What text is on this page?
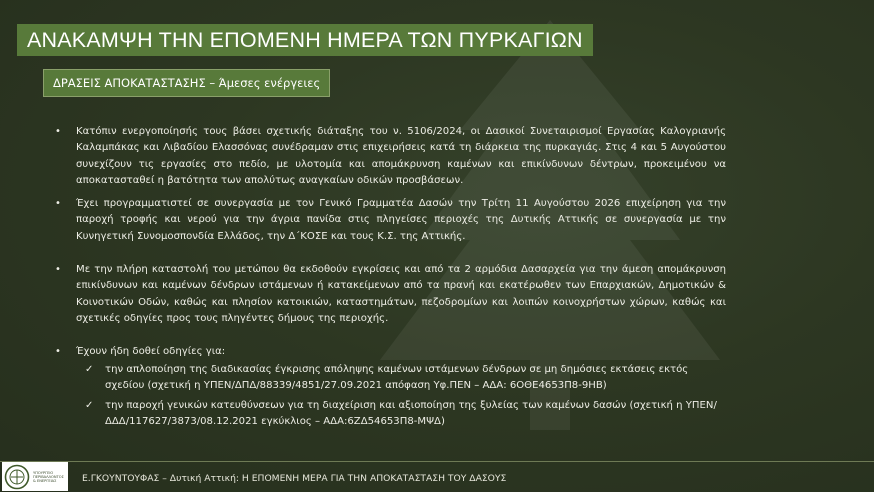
ΑΝΑΚΑΜΨΗ ΤΗΝ ΕΠΟΜΕΝΗ ΗΜΕΡΑ ΤΩΝ ΠΥΡΚΑΓΙΩΝ
ΔΡΑΣΕΙΣ ΑΠΟΚΑΤΑΣΤΑΣΗΣ – Άμεσες ενέργειες
• Κατόπιν ενεργοποίησής τους βάσει σχετικής διάταξης του ν. 5106/2024, οι Δασικοί Συνεταιρισμοί Εργασίας Καλογριανής Καλαμπάκας και Λιβαδίου Ελασσόνας συνέδραμαν στις επιχειρήσεις κατά τη διάρκεια της πυρκαγιάς. Στις 4 και 5 Αυγούστου συνεχίζουν τις εργασίες στο πεδίο, με υλοτομία και απομάκρυνση καμένων και επικίνδυνων δέντρων, προκειμένου να αποκατασταθεί η βατότητα των απολύτως αναγκαίων οδικών προσβάσεων.
• Έχει προγραμματιστεί σε συνεργασία με τον Γενικό Γραμματέα Δασών την Τρίτη 11 Αυγούστου 2026 επιχείρηση για την παροχή τροφής και νερού για την άγρια πανίδα στις πληγείσες περιοχές της Δυτικής Αττικής σε συνεργασία με την Κυνηγετική Συνομοσπονδία Ελλάδος, την Δ΄ΚΟΣΕ και τους Κ.Σ. της Αττικής.
• Με την πλήρη καταστολή του μετώπου θα εκδοθούν εγκρίσεις και από τα 2 αρμόδια Δασαρχεία για την άμεση απομάκρυνση επικίνδυνων και καμένων δένδρων ιστάμενων ή κατακείμενων από τα πρανή και εκατέρωθεν των Επαρχιακών, Δημοτικών & Κοινοτικών Οδών, καθώς και πλησίον κατοικιών, καταστημάτων, πεζοδρομίων και λοιπών κοινοχρήστων χώρων, καθώς και σχετικές οδηγίες προς τους πληγέντες δήμους της περιοχής.
• Έχουν ήδη δοθεί οδηγίες για:
✓ την απλοποίηση της διαδικασίας έγκρισης απόληψης καμένων ιστάμενων δένδρων σε μη δημόσιες εκτάσεις εκτός σχεδίου (σχετική η ΥΠΕΝ/ΔΠΔ/88339/4851/27.09.2021 απόφαση Υφ.ΠΕΝ – ΑΔΑ: 6ΟΘΕ4653Π8-9ΗΒ)
✓ την παροχή γενικών κατευθύνσεων για τη διαχείριση και αξιοποίηση της ξυλείας των καμένων δασών (σχετική η ΥΠΕΝ/ΔΔΔ/117627/3873/08.12.2021 εγκύκλιος – ΑΔΑ:6ΖΔ54653Π8-ΜΨΔ)
ΥΠΟΥΡΓΕΙΟ ΠΕΡΙΒΑΛΛΟΝΤΟΣ & ΕΝΕΡΓΕΙΑΣ	Ε.ΓΚΟΥΝΤΟΥΦΑΣ – Δυτική Αττική: Η ΕΠΟΜΕΝΗ ΜΕΡΑ ΓΙΑ ΤΗΝ ΑΠΟΚΑΤΑΣΤΑΣΗ ΤΟΥ ΔΑΣΟΥΣ
